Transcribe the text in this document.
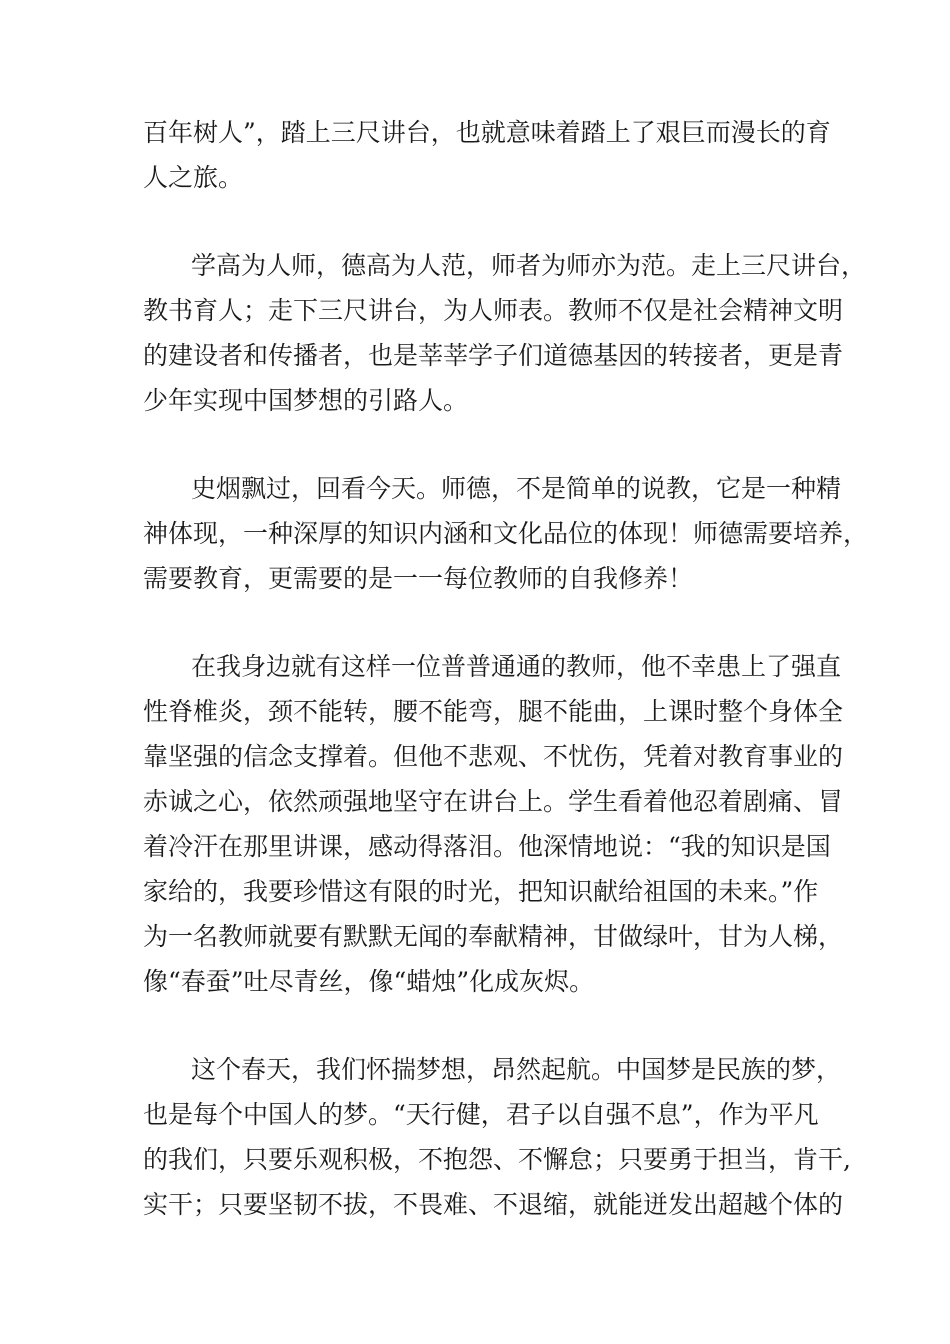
百年树人”，踏上三尺讲台，也就意味着踏上了艰巨而漫长的育
人之旅。
学高为人师，德高为人范，师者为师亦为范。走上三尺讲台，
教书育人；走下三尺讲台，为人师表。教师不仅是社会精神文明
的建设者和传播者，也是莘莘学子们道德基因的转接者，更是青
少年实现中国梦想的引路人。
史烟飘过，回看今天。师德，不是简单的说教，它是一种精
神体现，一种深厚的知识内涵和文化品位的体现！师德需要培养，
需要教育，更需要的是一一每位教师的自我修养！
在我身边就有这样一位普普通通的教师，他不幸患上了强直
性脊椎炎，颈不能转，腰不能弯，腿不能曲，上课时整个身体全
靠坚强的信念支撑着。但他不悲观、不忧伤，凭着对教育事业的
赤诚之心，依然顽强地坚守在讲台上。学生看着他忍着剧痛、冒
着冷汗在那里讲课，感动得落泪。他深情地说：“我的知识是国
家给的，我要珍惜这有限的时光，把知识献给祖国的未来。”作
为一名教师就要有默默无闻的奉献精神，甘做绿叶，甘为人梯，
像“春蚕”吐尽青丝，像“蜡烛”化成灰烬。
这个春天，我们怀揣梦想，昂然起航。中国梦是民族的梦，
也是每个中国人的梦。“天行健，君子以自强不息”，作为平凡
的我们，只要乐观积极，不抱怨、不懈怠；只要勇于担当，肯干,
实干；只要坚韧不拔，不畏难、不退缩，就能迸发出超越个体的
